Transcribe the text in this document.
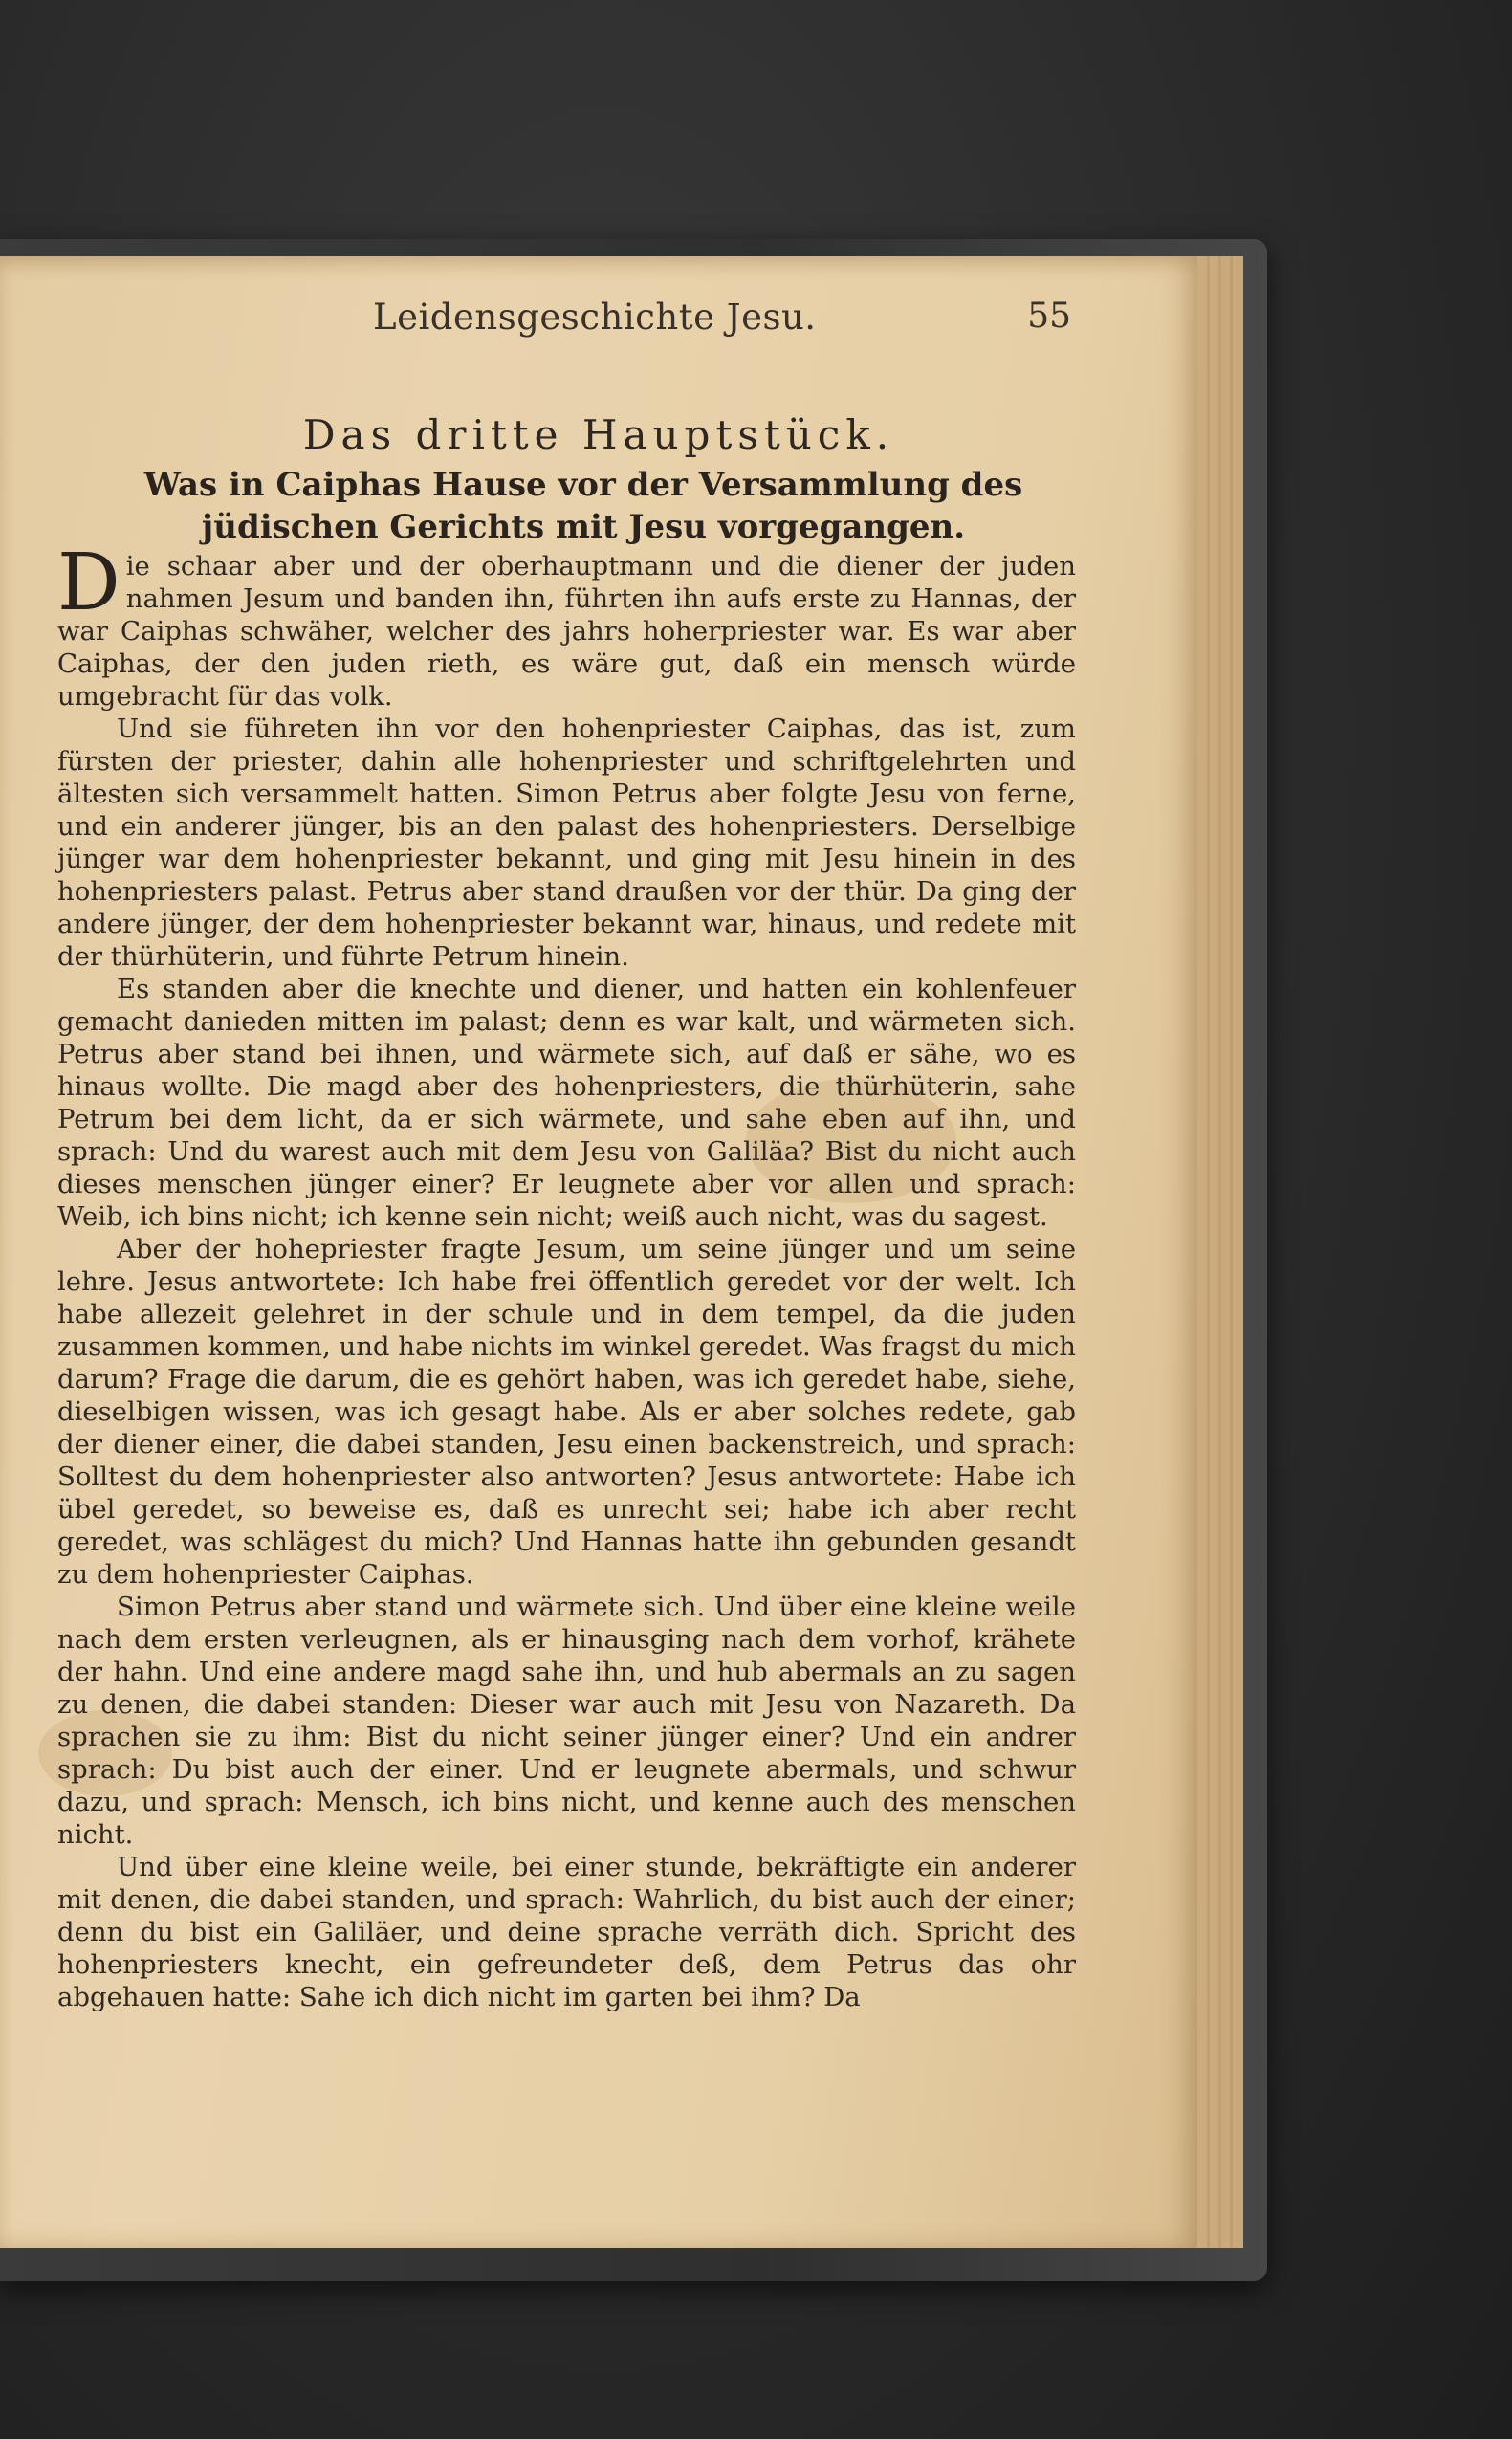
Leidensgeschichte Jesu.	55
Das dritte Hauptstück.
Was in Caiphas Hause vor der Versammlung des jüdischen Gerichts mit Jesu vorgegangen.

Die schaar aber und der oberhauptmann und die diener der juden nahmen Jesum und banden ihn, führten ihn aufs erste zu Hannas, der war Caiphas schwäher, welcher des jahrs hoherpriester war. Es war aber Caiphas, der den juden rieth, es wäre gut, daß ein mensch würde umgebracht für das volk.

Und sie führeten ihn vor den hohenpriester Caiphas, das ist, zum fürsten der priester, dahin alle hohenpriester und schriftgelehrten und ältesten sich versammelt hatten. Simon Petrus aber folgte Jesu von ferne, und ein anderer jünger, bis an den palast des hohenpriesters. Derselbige jünger war dem hohenpriester bekannt, und ging mit Jesu hinein in des hohenpriesters palast. Petrus aber stand draußen vor der thür. Da ging der andere jünger, der dem hohenpriester bekannt war, hinaus, und redete mit der thürhüterin, und führte Petrum hinein.

Es standen aber die knechte und diener, und hatten ein kohlenfeuer gemacht danieden mitten im palast; denn es war kalt, und wärmeten sich. Petrus aber stand bei ihnen, und wärmete sich, auf daß er sähe, wo es hinaus wollte. Die magd aber des hohenpriesters, die thürhüterin, sahe Petrum bei dem licht, da er sich wärmete, und sahe eben auf ihn, und sprach: Und du warest auch mit dem Jesu von Galiläa? Bist du nicht auch dieses menschen jünger einer? Er leugnete aber vor allen und sprach: Weib, ich bins nicht; ich kenne sein nicht; weiß auch nicht, was du sagest.

Aber der hohepriester fragte Jesum, um seine jünger und um seine lehre. Jesus antwortete: Ich habe frei öffentlich geredet vor der welt. Ich habe allezeit gelehret in der schule und in dem tempel, da die juden zusammen kommen, und habe nichts im winkel geredet. Was fragst du mich darum? Frage die darum, die es gehört haben, was ich geredet habe, siehe, dieselbigen wissen, was ich gesagt habe. Als er aber solches redete, gab der diener einer, die dabei standen, Jesu einen backenstreich, und sprach: Solltest du dem hohenpriester also antworten? Jesus antwortete: Habe ich übel geredet, so beweise es, daß es unrecht sei; habe ich aber recht geredet, was schlägest du mich? Und Hannas hatte ihn gebunden gesandt zu dem hohenpriester Caiphas.

Simon Petrus aber stand und wärmete sich. Und über eine kleine weile nach dem ersten verleugnen, als er hinausging nach dem vorhof, krähete der hahn. Und eine andere magd sahe ihn, und hub abermals an zu sagen zu denen, die dabei standen: Dieser war auch mit Jesu von Nazareth. Da sprachen sie zu ihm: Bist du nicht seiner jünger einer? Und ein andrer sprach: Du bist auch der einer. Und er leugnete abermals, und schwur dazu, und sprach: Mensch, ich bins nicht, und kenne auch des menschen nicht.

Und über eine kleine weile, bei einer stunde, bekräftigte ein anderer mit denen, die dabei standen, und sprach: Wahrlich, du bist auch der einer; denn du bist ein Galiläer, und deine sprache verräth dich. Spricht des hohenpriesters knecht, ein gefreundeter deß, dem Petrus das ohr abgehauen hatte: Sahe ich dich nicht im garten bei ihm? Da
